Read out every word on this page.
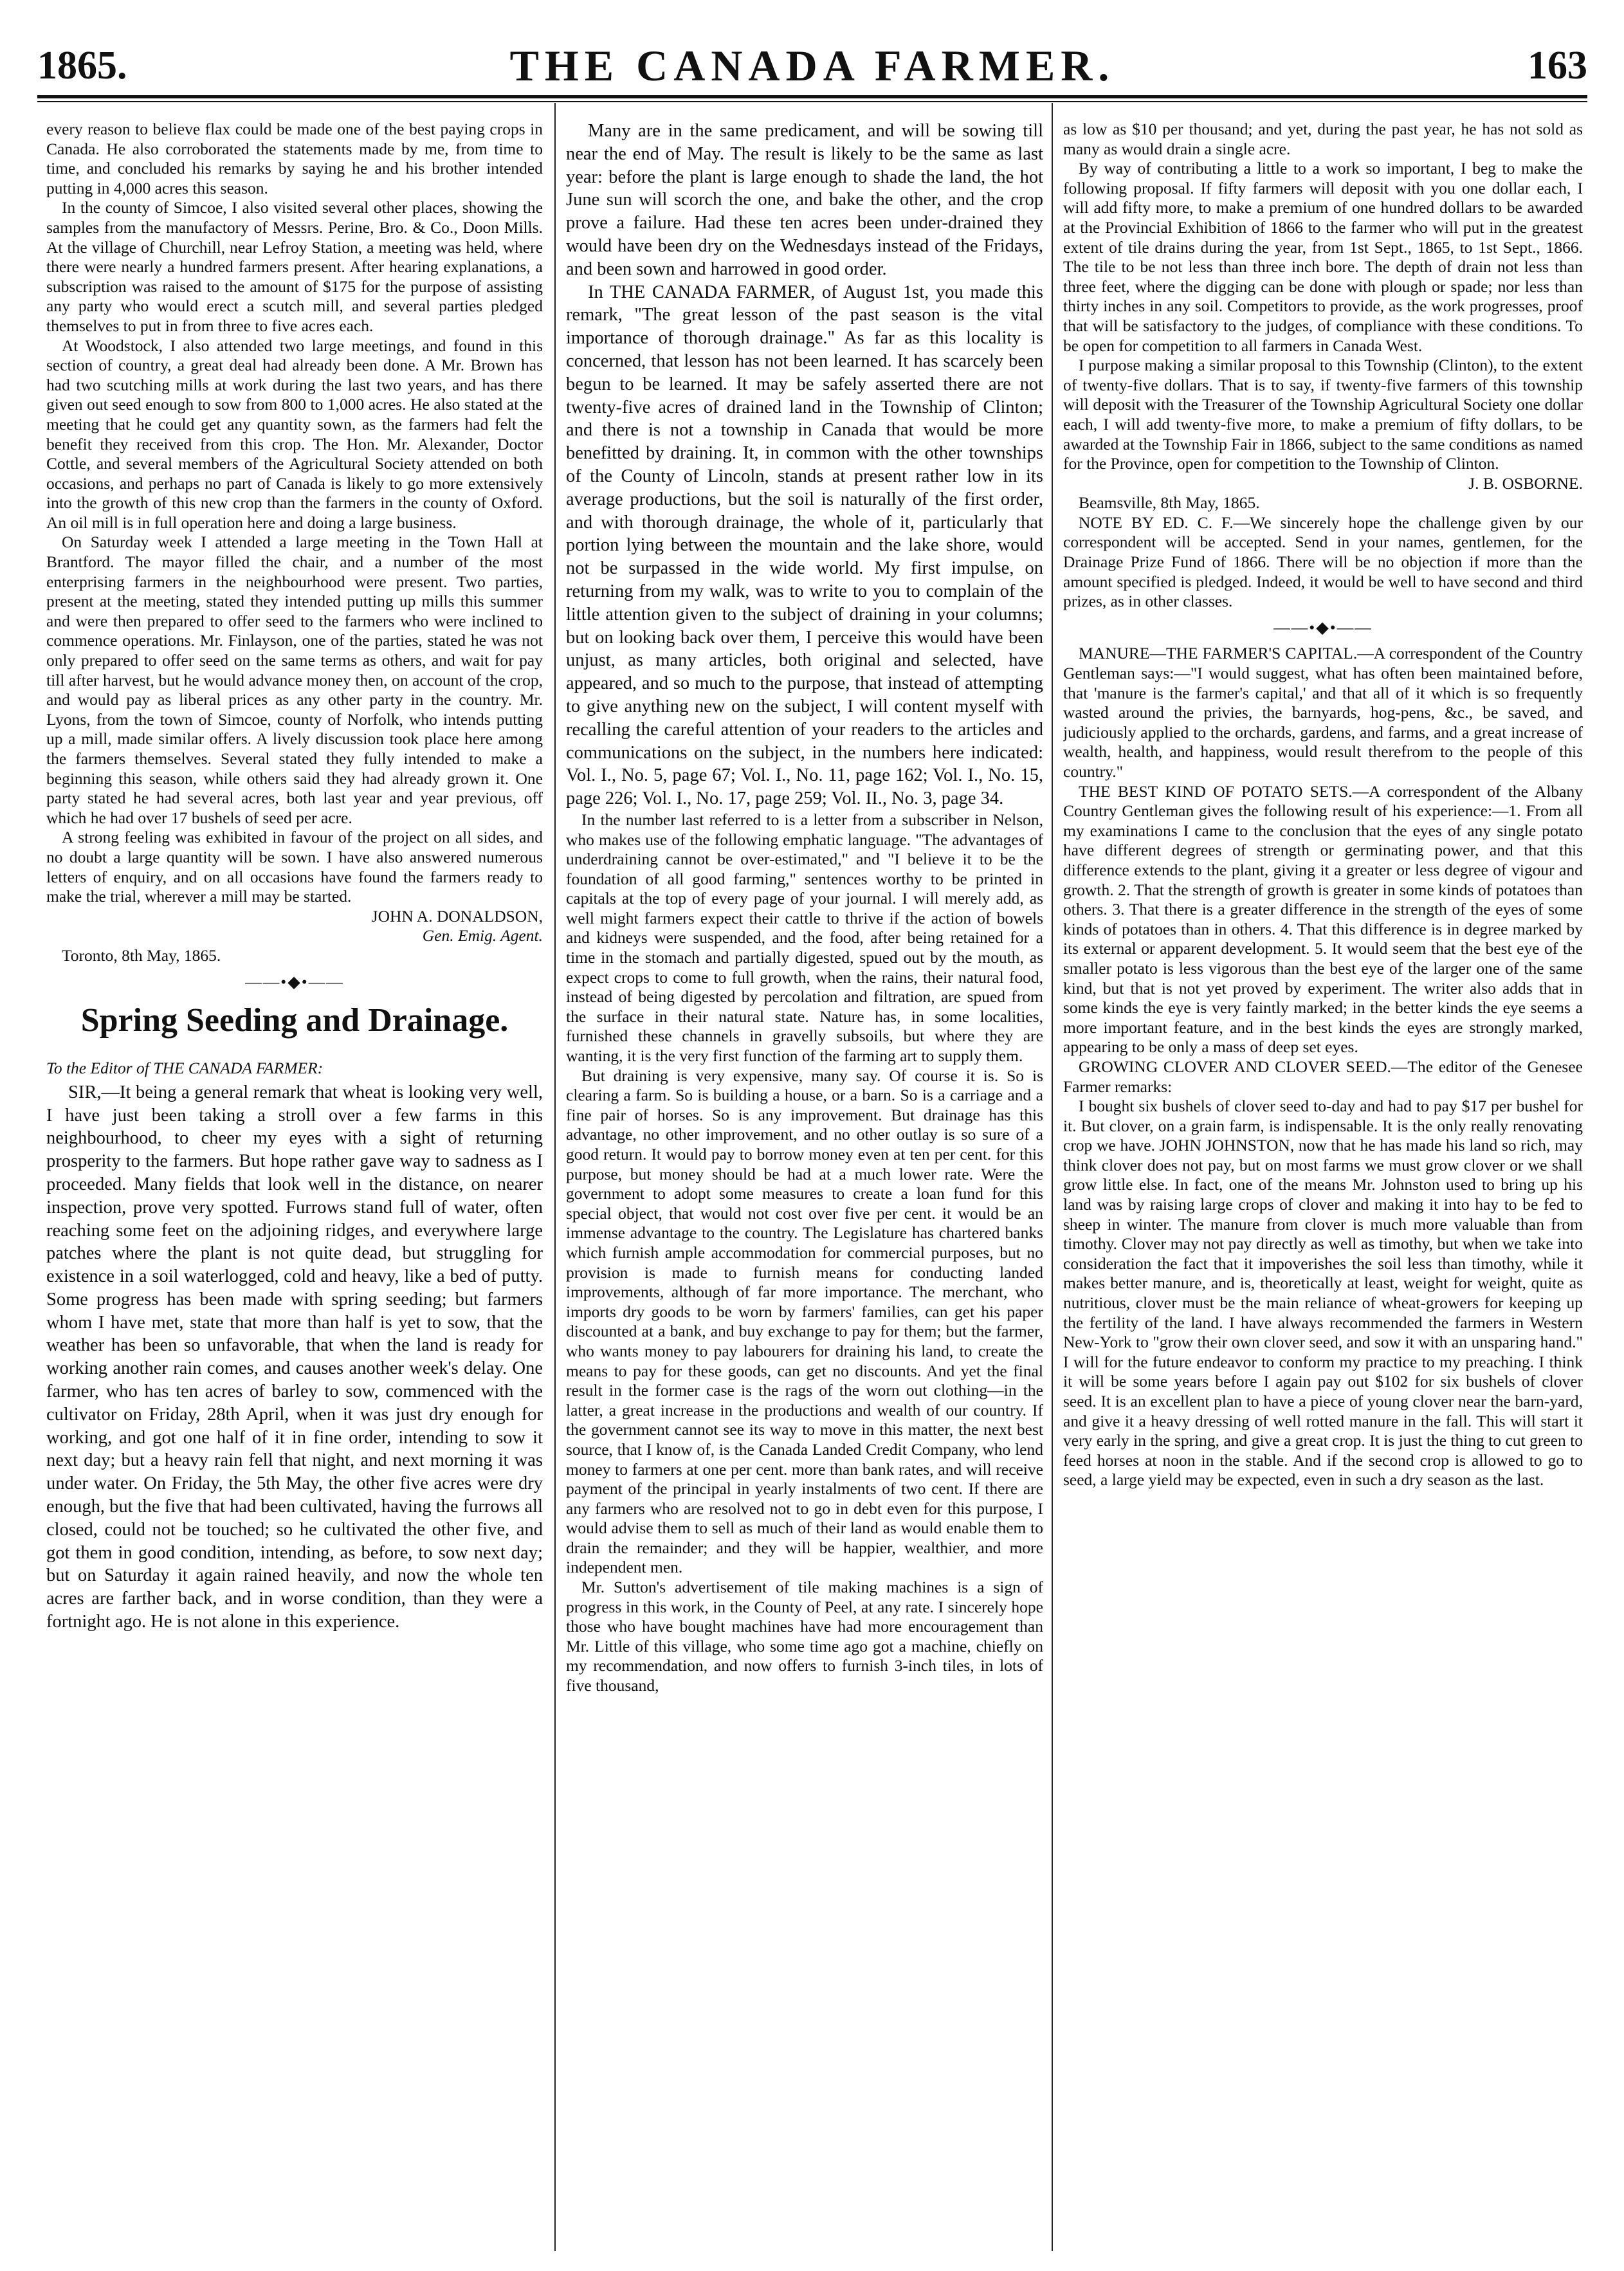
1865.	THE CANADA FARMER.	163

every reason to believe flax could be made one of the best paying crops in Canada. He also corroborated the statements made by me, from time to time, and concluded his remarks by saying he and his brother intended putting in 4,000 acres this season.

In the county of Simcoe, I also visited several other places, showing the samples from the manufactory of Messrs. Perine, Bro. & Co., Doon Mills. At the village of Churchill, near Lefroy Station, a meeting was held, where there were nearly a hundred farmers present. After hearing explanations, a subscription was raised to the amount of $175 for the purpose of assisting any party who would erect a scutch mill, and several parties pledged themselves to put in from three to five acres each.

At Woodstock, I also attended two large meetings, and found in this section of country, a great deal had already been done. A Mr. Brown has had two scutching mills at work during the last two years, and has there given out seed enough to sow from 800 to 1,000 acres. He also stated at the meeting that he could get any quantity sown, as the farmers had felt the benefit they received from this crop. The Hon. Mr. Alexander, Doctor Cottle, and several members of the Agricultural Society attended on both occasions, and perhaps no part of Canada is likely to go more extensively into the growth of this new crop than the farmers in the county of Oxford. An oil mill is in full operation here and doing a large business.

On Saturday week I attended a large meeting in the Town Hall at Brantford. The mayor filled the chair, and a number of the most enterprising farmers in the neighbourhood were present. Two parties, present at the meeting, stated they intended putting up mills this summer and were then prepared to offer seed to the farmers who were inclined to commence operations. Mr. Finlayson, one of the parties, stated he was not only prepared to offer seed on the same terms as others, and wait for pay till after harvest, but he would advance money then, on account of the crop, and would pay as liberal prices as any other party in the country. Mr. Lyons, from the town of Simcoe, county of Norfolk, who intends putting up a mill, made similar offers. A lively discussion took place here among the farmers themselves. Several stated they fully intended to make a beginning this season, while others said they had already grown it. One party stated he had several acres, both last year and year previous, off which he had over 17 bushels of seed per acre.

A strong feeling was exhibited in favour of the project on all sides, and no doubt a large quantity will be sown. I have also answered numerous letters of enquiry, and on all occasions have found the farmers ready to make the trial, wherever a mill may be started.

JOHN A. DONALDSON,

Gen. Emig. Agent.

Toronto, 8th May, 1865.

——•◆•——
Spring Seeding and Drainage.

To the Editor of THE CANADA FARMER:

SIR,—It being a general remark that wheat is looking very well, I have just been taking a stroll over a few farms in this neighbourhood, to cheer my eyes with a sight of returning prosperity to the farmers. But hope rather gave way to sadness as I proceeded. Many fields that look well in the distance, on nearer inspection, prove very spotted. Furrows stand full of water, often reaching some feet on the adjoining ridges, and everywhere large patches where the plant is not quite dead, but struggling for existence in a soil waterlogged, cold and heavy, like a bed of putty. Some progress has been made with spring seeding; but farmers whom I have met, state that more than half is yet to sow, that the weather has been so unfavorable, that when the land is ready for working another rain comes, and causes another week's delay. One farmer, who has ten acres of barley to sow, commenced with the cultivator on Friday, 28th April, when it was just dry enough for working, and got one half of it in fine order, intending to sow it next day; but a heavy rain fell that night, and next morning it was under water. On Friday, the 5th May, the other five acres were dry enough, but the five that had been cultivated, having the furrows all closed, could not be touched; so he cultivated the other five, and got them in good condition, intending, as before, to sow next day; but on Saturday it again rained heavily, and now the whole ten acres are farther back, and in worse condition, than they were a fortnight ago. He is not alone in this experience.

Many are in the same predicament, and will be sowing till near the end of May. The result is likely to be the same as last year: before the plant is large enough to shade the land, the hot June sun will scorch the one, and bake the other, and the crop prove a failure. Had these ten acres been under-drained they would have been dry on the Wednesdays instead of the Fridays, and been sown and harrowed in good order.

In THE CANADA FARMER, of August 1st, you made this remark, "The great lesson of the past season is the vital importance of thorough drainage." As far as this locality is concerned, that lesson has not been learned. It has scarcely been begun to be learned. It may be safely asserted there are not twenty-five acres of drained land in the Township of Clinton; and there is not a township in Canada that would be more benefitted by draining. It, in common with the other townships of the County of Lincoln, stands at present rather low in its average productions, but the soil is naturally of the first order, and with thorough drainage, the whole of it, particularly that portion lying between the mountain and the lake shore, would not be surpassed in the wide world. My first impulse, on returning from my walk, was to write to you to complain of the little attention given to the subject of draining in your columns; but on looking back over them, I perceive this would have been unjust, as many articles, both original and selected, have appeared, and so much to the purpose, that instead of attempting to give anything new on the subject, I will content myself with recalling the careful attention of your readers to the articles and communications on the subject, in the numbers here indicated: Vol. I., No. 5, page 67; Vol. I., No. 11, page 162; Vol. I., No. 15, page 226; Vol. I., No. 17, page 259; Vol. II., No. 3, page 34.

In the number last referred to is a letter from a subscriber in Nelson, who makes use of the following emphatic language. "The advantages of underdraining cannot be over-estimated," and "I believe it to be the foundation of all good farming," sentences worthy to be printed in capitals at the top of every page of your journal. I will merely add, as well might farmers expect their cattle to thrive if the action of bowels and kidneys were suspended, and the food, after being retained for a time in the stomach and partially digested, spued out by the mouth, as expect crops to come to full growth, when the rains, their natural food, instead of being digested by percolation and filtration, are spued from the surface in their natural state. Nature has, in some localities, furnished these channels in gravelly subsoils, but where they are wanting, it is the very first function of the farming art to supply them.

But draining is very expensive, many say. Of course it is. So is clearing a farm. So is building a house, or a barn. So is a carriage and a fine pair of horses. So is any improvement. But drainage has this advantage, no other improvement, and no other outlay is so sure of a good return. It would pay to borrow money even at ten per cent. for this purpose, but money should be had at a much lower rate. Were the government to adopt some measures to create a loan fund for this special object, that would not cost over five per cent. it would be an immense advantage to the country. The Legislature has chartered banks which furnish ample accommodation for commercial purposes, but no provision is made to furnish means for conducting landed improvements, although of far more importance. The merchant, who imports dry goods to be worn by farmers' families, can get his paper discounted at a bank, and buy exchange to pay for them; but the farmer, who wants money to pay labourers for draining his land, to create the means to pay for these goods, can get no discounts. And yet the final result in the former case is the rags of the worn out clothing—in the latter, a great increase in the productions and wealth of our country. If the government cannot see its way to move in this matter, the next best source, that I know of, is the Canada Landed Credit Company, who lend money to farmers at one per cent. more than bank rates, and will receive payment of the principal in yearly instalments of two cent. If there are any farmers who are resolved not to go in debt even for this purpose, I would advise them to sell as much of their land as would enable them to drain the remainder; and they will be happier, wealthier, and more independent men.

Mr. Sutton's advertisement of tile making machines is a sign of progress in this work, in the County of Peel, at any rate. I sincerely hope those who have bought machines have had more encouragement than Mr. Little of this village, who some time ago got a machine, chiefly on my recommendation, and now offers to furnish 3-inch tiles, in lots of five thousand,

as low as $10 per thousand; and yet, during the past year, he has not sold as many as would drain a single acre.

By way of contributing a little to a work so important, I beg to make the following proposal. If fifty farmers will deposit with you one dollar each, I will add fifty more, to make a premium of one hundred dollars to be awarded at the Provincial Exhibition of 1866 to the farmer who will put in the greatest extent of tile drains during the year, from 1st Sept., 1865, to 1st Sept., 1866. The tile to be not less than three inch bore. The depth of drain not less than three feet, where the digging can be done with plough or spade; nor less than thirty inches in any soil. Competitors to provide, as the work progresses, proof that will be satisfactory to the judges, of compliance with these conditions. To be open for competition to all farmers in Canada West.

I purpose making a similar proposal to this Township (Clinton), to the extent of twenty-five dollars. That is to say, if twenty-five farmers of this township will deposit with the Treasurer of the Township Agricultural Society one dollar each, I will add twenty-five more, to make a premium of fifty dollars, to be awarded at the Township Fair in 1866, subject to the same conditions as named for the Province, open for competition to the Township of Clinton.

J. B. OSBORNE.

Beamsville, 8th May, 1865.

NOTE BY ED. C. F.—We sincerely hope the challenge given by our correspondent will be accepted. Send in your names, gentlemen, for the Drainage Prize Fund of 1866. There will be no objection if more than the amount specified is pledged. Indeed, it would be well to have second and third prizes, as in other classes.

——•◆•——

MANURE—THE FARMER'S CAPITAL.—A correspondent of the Country Gentleman says:—"I would suggest, what has often been maintained before, that 'manure is the farmer's capital,' and that all of it which is so frequently wasted around the privies, the barnyards, hog-pens, &c., be saved, and judiciously applied to the orchards, gardens, and farms, and a great increase of wealth, health, and happiness, would result therefrom to the people of this country."

THE BEST KIND OF POTATO SETS.—A correspondent of the Albany Country Gentleman gives the following result of his experience:—1. From all my examinations I came to the conclusion that the eyes of any single potato have different degrees of strength or germinating power, and that this difference extends to the plant, giving it a greater or less degree of vigour and growth. 2. That the strength of growth is greater in some kinds of potatoes than others. 3. That there is a greater difference in the strength of the eyes of some kinds of potatoes than in others. 4. That this difference is in degree marked by its external or apparent development. 5. It would seem that the best eye of the smaller potato is less vigorous than the best eye of the larger one of the same kind, but that is not yet proved by experiment. The writer also adds that in some kinds the eye is very faintly marked; in the better kinds the eye seems a more important feature, and in the best kinds the eyes are strongly marked, appearing to be only a mass of deep set eyes.

GROWING CLOVER AND CLOVER SEED.—The editor of the Genesee Farmer remarks:

I bought six bushels of clover seed to-day and had to pay $17 per bushel for it. But clover, on a grain farm, is indispensable. It is the only really renovating crop we have. JOHN JOHNSTON, now that he has made his land so rich, may think clover does not pay, but on most farms we must grow clover or we shall grow little else. In fact, one of the means Mr. Johnston used to bring up his land was by raising large crops of clover and making it into hay to be fed to sheep in winter. The manure from clover is much more valuable than from timothy. Clover may not pay directly as well as timothy, but when we take into consideration the fact that it impoverishes the soil less than timothy, while it makes better manure, and is, theoretically at least, weight for weight, quite as nutritious, clover must be the main reliance of wheat-growers for keeping up the fertility of the land. I have always recommended the farmers in Western New-York to "grow their own clover seed, and sow it with an unsparing hand." I will for the future endeavor to conform my practice to my preaching. I think it will be some years before I again pay out $102 for six bushels of clover seed. It is an excellent plan to have a piece of young clover near the barn-yard, and give it a heavy dressing of well rotted manure in the fall. This will start it very early in the spring, and give a great crop. It is just the thing to cut green to feed horses at noon in the stable. And if the second crop is allowed to go to seed, a large yield may be expected, even in such a dry season as the last.
